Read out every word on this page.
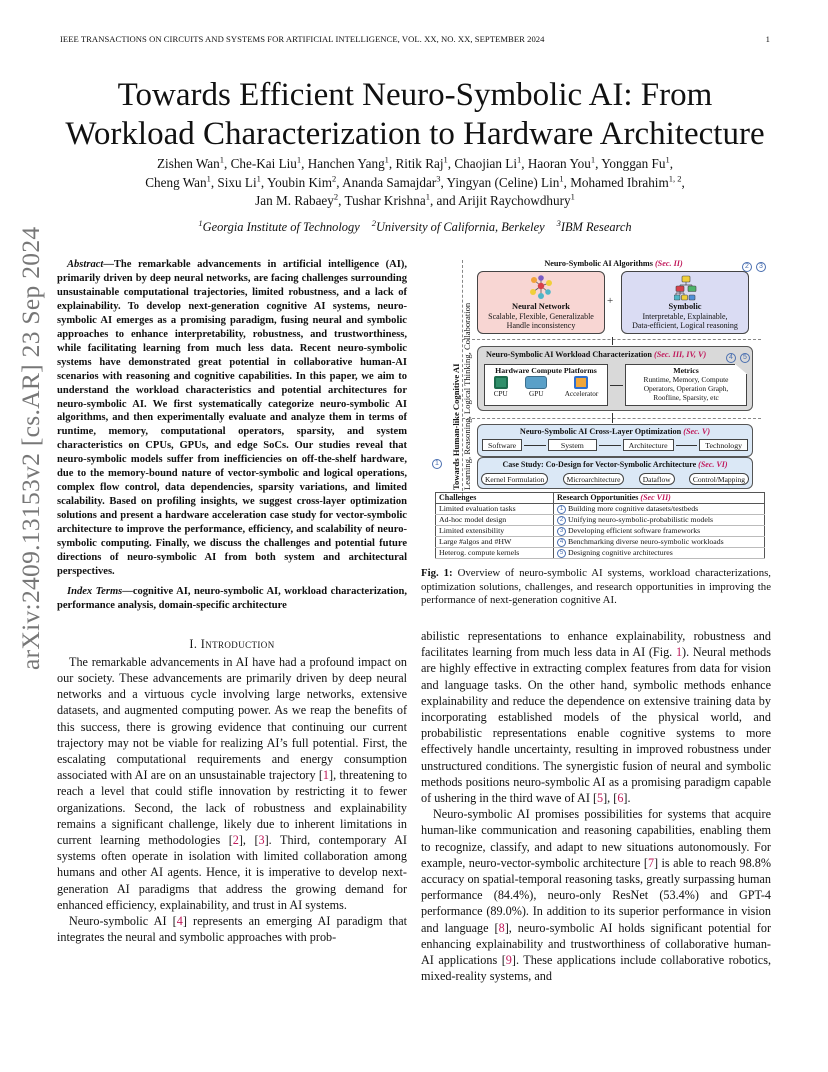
IEEE TRANSACTIONS ON CIRCUITS AND SYSTEMS FOR ARTIFICIAL INTELLIGENCE, VOL. XX, NO. XX, SEPTEMBER 2024	1
arXiv:2409.13153v2 [cs.AR] 23 Sep 2024
Towards Efficient Neuro-Symbolic AI: From
Workload Characterization to Hardware Architecture
Zishen Wan$^1$, Che-Kai Liu$^1$, Hanchen Yang$^1$, Ritik Raj$^1$, Chaojian Li$^1$, Haoran You$^1$, Yonggan Fu$^1$,
Cheng Wan$^1$, Sixu Li$^1$, Youbin Kim$^2$, Ananda Samajdar$^3$, Yingyan (Celine) Lin$^1$, Mohamed Ibrahim$^{1, 2}$,
Jan M. Rabaey$^2$, Tushar Krishna$^1$, and Arijit Raychowdhury$^1$
$^1$Georgia Institute of Technology $^2$University of California, Berkeley $^3$IBM Research

Abstract—The remarkable advancements in artificial intelligence (AI), primarily driven by deep neural networks, are facing challenges surrounding unsustainable computational trajectories, limited robustness, and a lack of explainability. To develop next-generation cognitive AI systems, neuro-symbolic AI emerges as a promising paradigm, fusing neural and symbolic approaches to enhance interpretability, robustness, and trustworthiness, while facilitating learning from much less data. Recent neuro-symbolic systems have demonstrated great potential in collaborative human-AI scenarios with reasoning and cognitive capabilities. In this paper, we aim to understand the workload characteristics and potential architectures for neuro-symbolic AI. We first systematically categorize neuro-symbolic AI algorithms, and then experimentally evaluate and analyze them in terms of runtime, memory, computational operators, sparsity, and system characteristics on CPUs, GPUs, and edge SoCs. Our studies reveal that neuro-symbolic models suffer from inefficiencies on off-the-shelf hardware, due to the memory-bound nature of vector-symbolic and logical operations, complex flow control, data dependencies, sparsity variations, and limited scalability. Based on profiling insights, we suggest cross-layer optimization solutions and present a hardware acceleration case study for vector-symbolic architecture to improve the performance, efficiency, and scalability of neuro-symbolic computing. Finally, we discuss the challenges and potential future directions of neuro-symbolic AI from both system and architectural perspectives.

Index Terms—cognitive AI, neuro-symbolic AI, workload characterization, performance analysis, domain-specific architecture

I. Introduction

The remarkable advancements in AI have had a profound impact on our society. These advancements are primarily driven by deep neural networks and a virtuous cycle involving large networks, extensive datasets, and augmented computing power. As we reap the benefits of this success, there is growing evidence that continuing our current trajectory may not be viable for realizing AI’s full potential. First, the escalating computational requirements and energy consumption associated with AI are on an unsustainable trajectory [1], threatening to reach a level that could stifle innovation by restricting it to fewer organizations. Second, the lack of robustness and explainability remains a significant challenge, likely due to inherent limitations in current learning methodologies [2], [3]. Third, contemporary AI systems often operate in isolation with limited collaboration among humans and other AI agents. Hence, it is imperative to develop next-generation AI paradigms that address the growing demand for enhanced efficiency, explainability, and trust in AI systems.

Neuro-symbolic AI [4] represents an emerging AI paradigm that integrates the neural and symbolic approaches with prob-

Towards Human-like Cognitive AI Learning, Reasoning, Logical Thinking, Collaboration
1
Neuro-Symbolic AI Algorithms (Sec. II)	2 3
Neural Network
Scalable, Flexible, Generalizable
Handle inconsistency
+	Symbolic
Interpretable, Explainable,
Data-efficient, Logical reasoning
Neuro-Symbolic AI Workload Characterization (Sec. III, IV, V)	4 5
Hardware Compute Platforms
CPU	GPU	Accelerator
Metrics
Runtime, Memory, Compute
Operators, Operation Graph,
Roofline, Sparsity, etc
Neuro-Symbolic AI Cross-Layer Optimization (Sec. V)
Software	System	Architecture	Technology
Case Study: Co-Design for Vector-Symbolic Architecture (Sec. VI)
Kernel Formulation	Microarchitecture	Dataflow	Control/Mapping
Challenges	Research Opportunities (Sec VII)
Limited evaluation tasks	1 Building more cognitive datasets/testbeds
Ad-hoc model design	2 Unifying neuro-symbolic-probabilistic models
Limited extensibility	3 Developing efficient software frameworks
Large #algos and #HW	4 Benchmarking diverse neuro-symbolic workloads
Heterog. compute kernels	5 Designing cognitive architectures

Fig. 1: Overview of neuro-symbolic AI systems, workload characterizations, optimization solutions, challenges, and research opportunities in improving the performance of next-generation cognitive AI.

abilistic representations to enhance explainability, robustness and facilitates learning from much less data in AI (Fig. 1). Neural methods are highly effective in extracting complex features from data for vision and language tasks. On the other hand, symbolic methods enhance explainability and reduce the dependence on extensive training data by incorporating established models of the physical world, and probabilistic representations enable cognitive systems to more effectively handle uncertainty, resulting in improved robustness under unstructured conditions. The synergistic fusion of neural and symbolic methods positions neuro-symbolic AI as a promising paradigm capable of ushering in the third wave of AI [5], [6].

Neuro-symbolic AI promises possibilities for systems that acquire human-like communication and reasoning capabilities, enabling them to recognize, classify, and adapt to new situations autonomously. For example, neuro-vector-symbolic architecture [7] is able to reach 98.8% accuracy on spatial-temporal reasoning tasks, greatly surpassing human performance (84.4%), neuro-only ResNet (53.4%) and GPT-4 performance (89.0%). In addition to its superior performance in vision and language [8], neuro-symbolic AI holds significant potential for enhancing explainability and trustworthiness of collaborative human-AI applications [9]. These applications include collaborative robotics, mixed-reality systems, and
